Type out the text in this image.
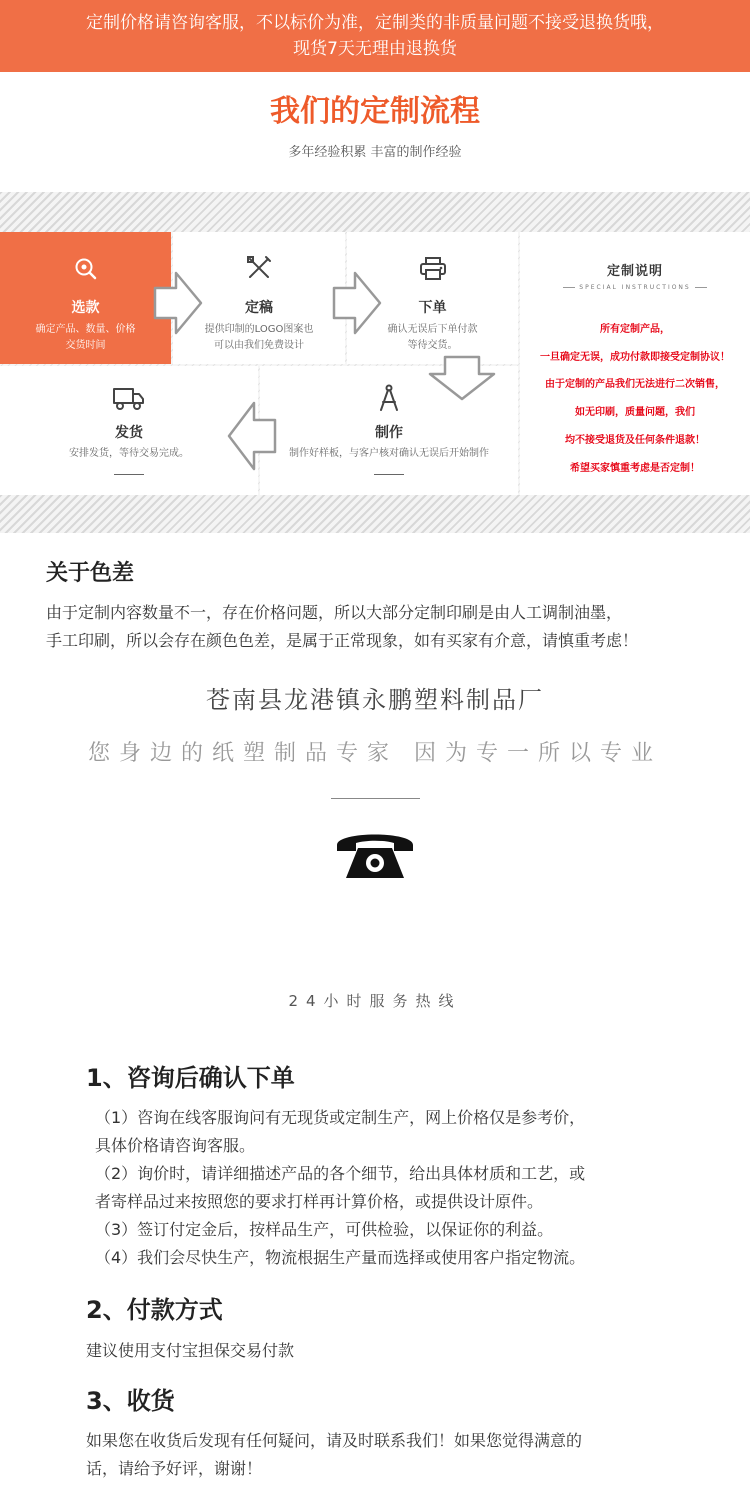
定制价格请咨询客服，不以标价为准，定制类的非质量问题不接受退换货哦，
现货7天无理由退换货
我们的定制流程
多年经验积累 丰富的制作经验
选款
确定产品、数量、价格
交货时间
定稿
提供印制的LOGO图案也
可以由我们免费设计
下单
确认无误后下单付款
等待交货。
发货
安排发货，等待交易完成。
制作
制作好样板，与客户核对确认无误后开始制作
定制说明
SPECIAL INSTRUCTIONS
所有定制产品，
一旦确定无误，成功付款即接受定制协议！
由于定制的产品我们无法进行二次销售，
如无印刷，质量问题，我们
均不接受退货及任何条件退款！
希望买家慎重考虑是否定制！
关于色差
由于定制内容数量不一，存在价格问题，所以大部分定制印刷是由人工调制油墨，
手工印刷，所以会存在颜色色差，是属于正常现象，如有买家有介意，请慎重考虑！
苍南县龙港镇永鹏塑料制品厂
您身边的纸塑制品专家 因为专一所以专业
24小时服务热线
1、咨询后确认下单
（1）咨询在线客服询问有无现货或定制生产，网上价格仅是参考价，
具体价格请咨询客服。
（2）询价时，请详细描述产品的各个细节，给出具体材质和工艺，或
者寄样品过来按照您的要求打样再计算价格，或提供设计原件。
（3）签订付定金后，按样品生产，可供检验，以保证你的利益。
（4）我们会尽快生产，物流根据生产量而选择或使用客户指定物流。
2、付款方式
建议使用支付宝担保交易付款
3、收货
如果您在收货后发现有任何疑问，请及时联系我们！如果您觉得满意的
话，请给予好评，谢谢！
